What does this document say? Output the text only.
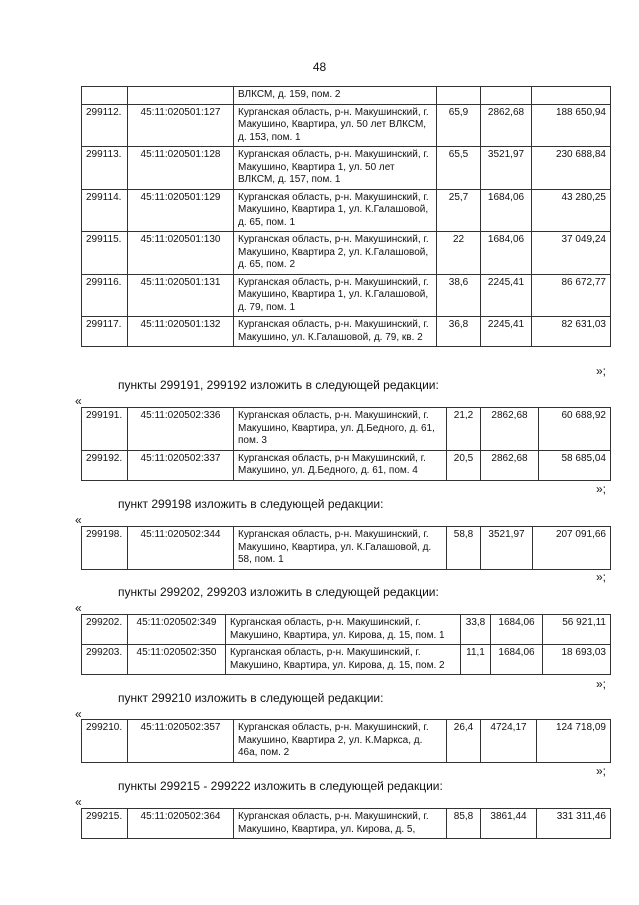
48
		ВЛКСМ, д. 159, пом. 2			
299112.	45:11:020501:127	Курганская область, р-н. Макушинский, г. Макушино, Квартира, ул. 50 лет ВЛКСМ, д. 153, пом. 1	65,9	2862,68	188 650,94
299113.	45:11:020501:128	Курганская область, р-н. Макушинский, г. Макушино, Квартира 1, ул. 50 лет ВЛКСМ, д. 157, пом. 1	65,5	3521,97	230 688,84
299114.	45:11:020501:129	Курганская область, р-н. Макушинский, г. Макушино, Квартира 1, ул. К.Галашовой, д. 65, пом. 1	25,7	1684,06	43 280,25
299115.	45:11:020501:130	Курганская область, р-н. Макушинский, г. Макушино, Квартира 2, ул. К.Галашовой, д. 65, пом. 2	22	1684,06	37 049,24
299116.	45:11:020501:131	Курганская область, р-н. Макушинский, г. Макушино, Квартира 1, ул. К.Галашовой, д. 79, пом. 1	38,6	2245,41	86 672,77
299117.	45:11:020501:132	Курганская область, р-н. Макушинский, г. Макушино, ул. К.Галашовой, д. 79, кв. 2	36,8	2245,41	82 631,03
»;
пункты 299191, 299192 изложить в следующей редакции:
«
299191.	45:11:020502:336	Курганская область, р-н. Макушинский, г. Макушино, Квартира, ул. Д.Бедного, д. 61, пом. 3	21,2	2862,68	60 688,92
299192.	45:11:020502:337	Курганская область, р-н Макушинский, г. Макушино, ул. Д.Бедного, д. 61, пом. 4	20,5	2862,68	58 685,04
»;
пункт 299198 изложить в следующей редакции:
«
299198.	45:11:020502:344	Курганская область, р-н. Макушинский, г. Макушино, Квартира, ул. К.Галашовой, д. 58, пом. 1	58,8	3521,97	207 091,66
»;
пункты 299202, 299203 изложить в следующей редакции:
«
299202.	45:11:020502:349	Курганская область, р-н. Макушинский, г. Макушино, Квартира, ул. Кирова, д. 15, пом. 1	33,8	1684,06	56 921,11
299203.	45:11:020502:350	Курганская область, р-н. Макушинский, г. Макушино, Квартира, ул. Кирова, д. 15, пом. 2	11,1	1684,06	18 693,03
»;
пункт 299210 изложить в следующей редакции:
«
299210.	45:11:020502:357	Курганская область, р-н. Макушинский, г. Макушино, Квартира 2, ул. К.Маркса, д. 46а, пом. 2	26,4	4724,17	124 718,09
»;
пункты 299215 - 299222 изложить в следующей редакции:
«
299215.	45:11:020502:364	Курганская область, р-н. Макушинский, г. Макушино, Квартира, ул. Кирова, д. 5,	85,8	3861,44	331 311,46
